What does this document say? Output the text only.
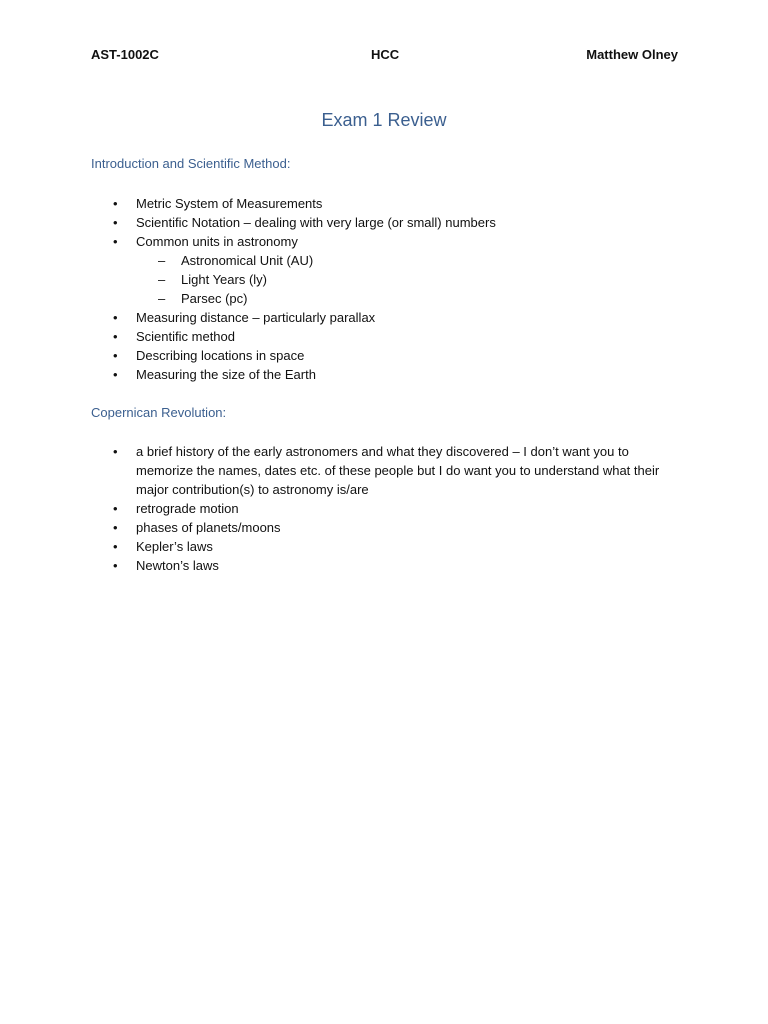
AST-1002C	HCC	Matthew Olney
Exam 1 Review
Introduction and Scientific Method:
• Metric System of Measurements
• Scientific Notation – dealing with very large (or small) numbers
• Common units in astronomy
– Astronomical Unit (AU)
– Light Years (ly)
– Parsec (pc)
• Measuring distance – particularly parallax
• Scientific method
• Describing locations in space
• Measuring the size of the Earth
Copernican Revolution:
• a brief history of the early astronomers and what they discovered – I don’t want you to memorize the names, dates etc. of these people but I do want you to understand what their major contribution(s) to astronomy is/are
• retrograde motion
• phases of planets/moons
• Kepler’s laws
• Newton’s laws
